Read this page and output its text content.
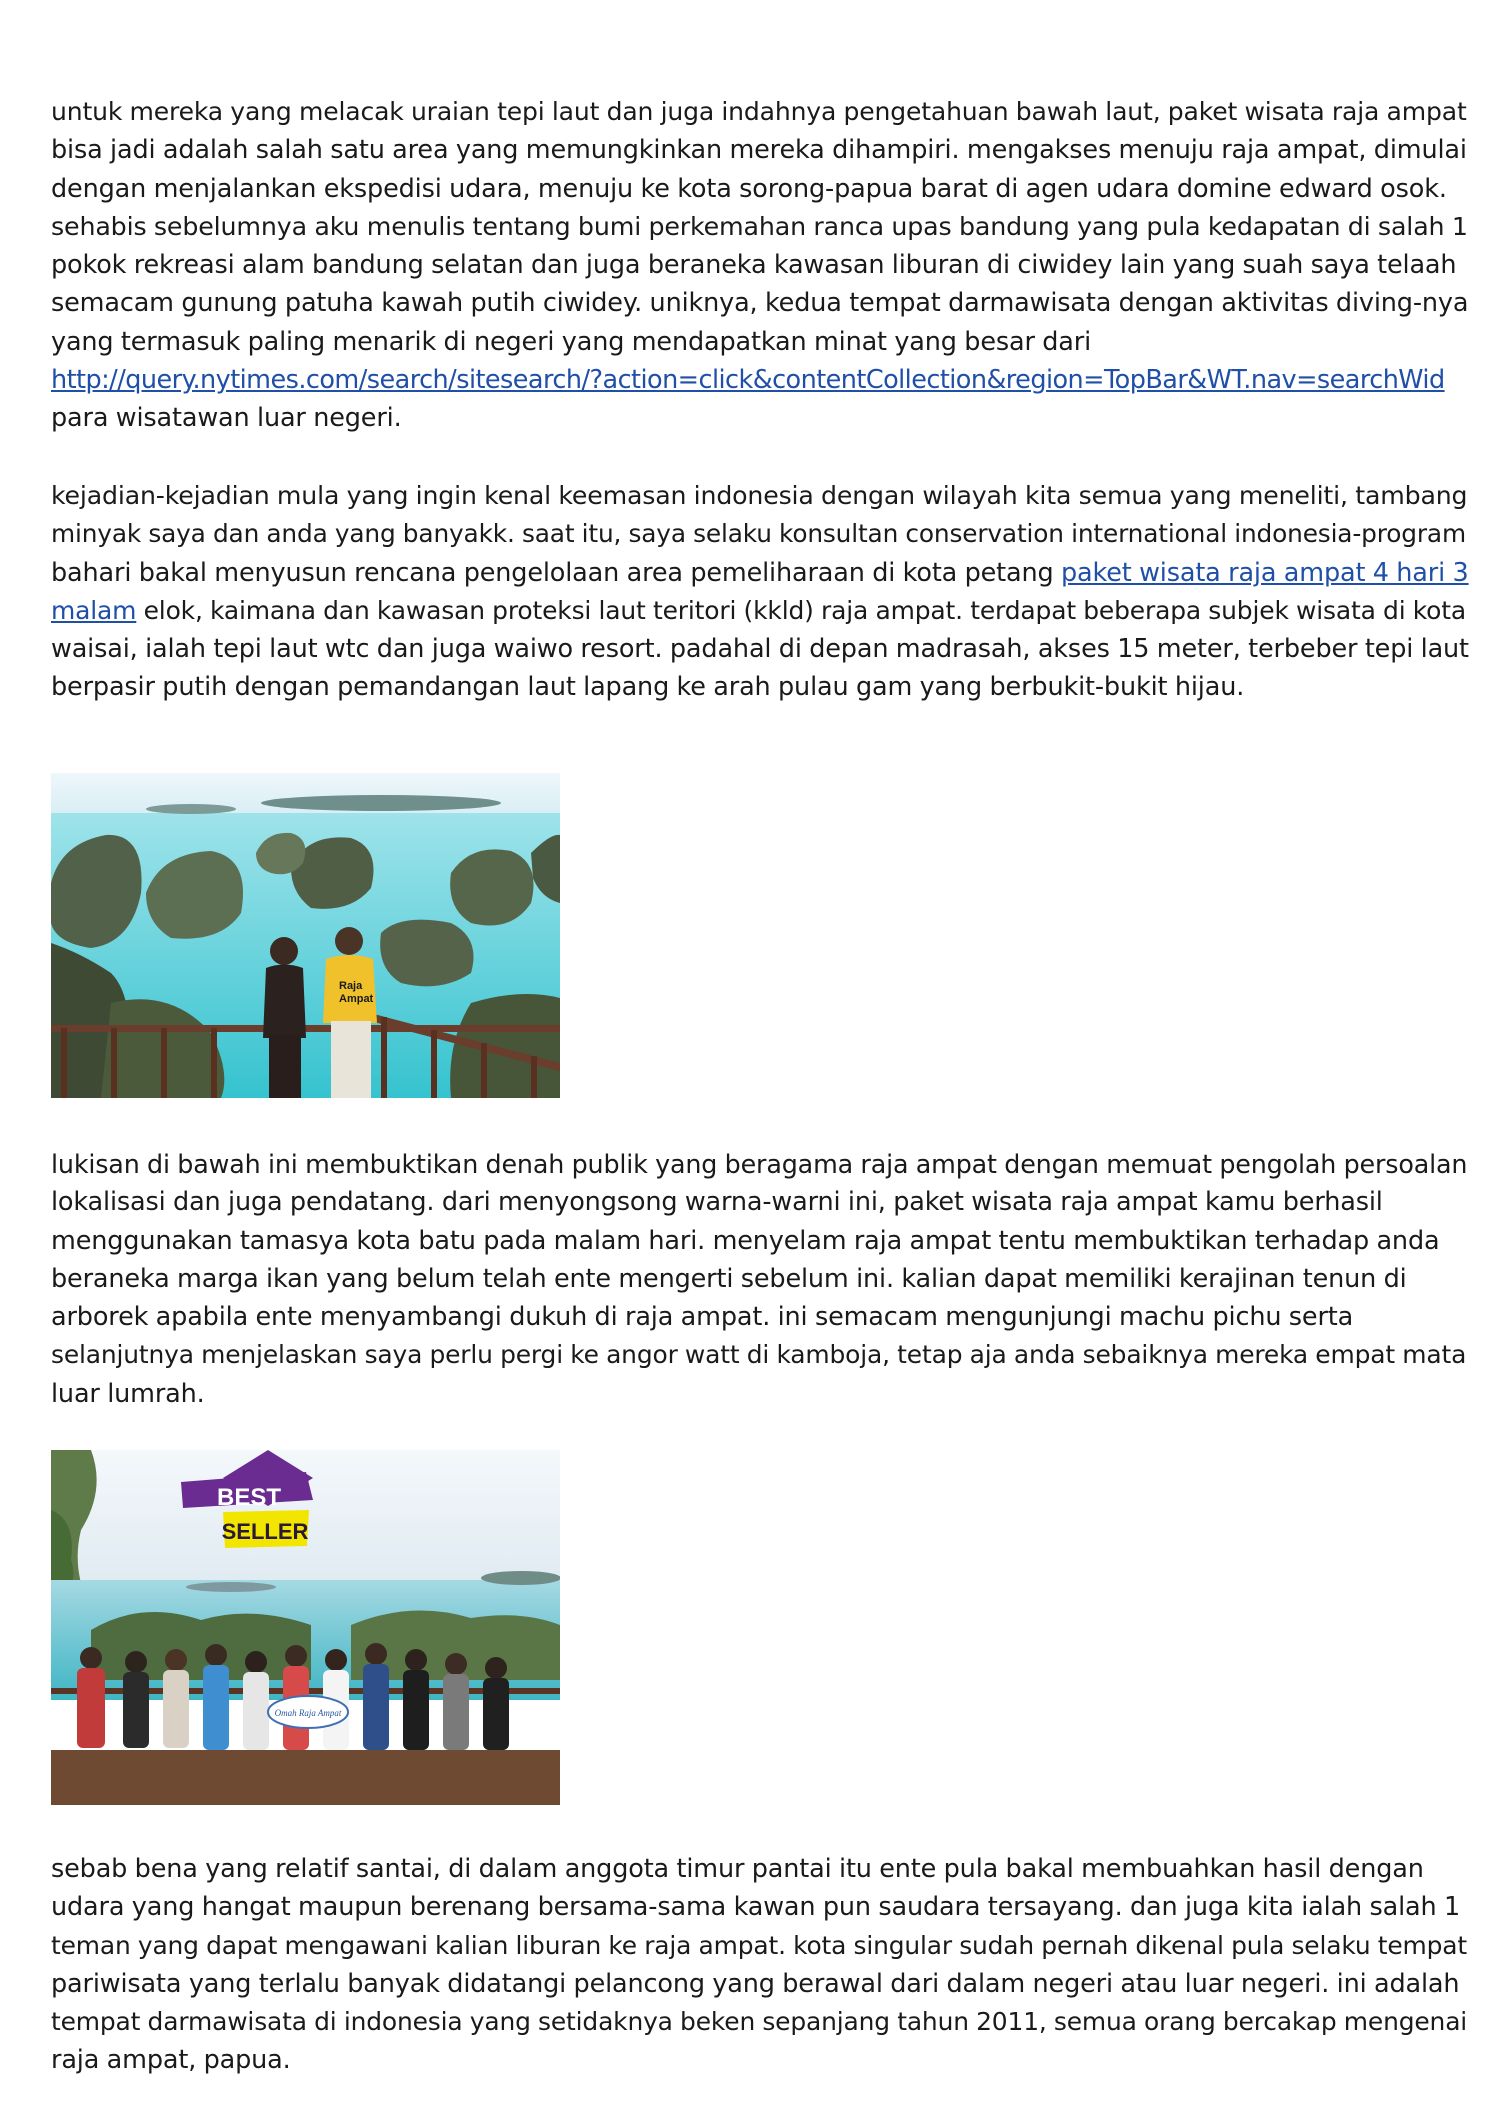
untuk mereka yang melacak uraian tepi laut dan juga indahnya pengetahuan bawah laut, paket wisata raja ampat
bisa jadi adalah salah satu area yang memungkinkan mereka dihampiri. mengakses menuju raja ampat, dimulai
dengan menjalankan ekspedisi udara, menuju ke kota sorong-papua barat di agen udara domine edward osok.
sehabis sebelumnya aku menulis tentang bumi perkemahan ranca upas bandung yang pula kedapatan di salah 1
pokok rekreasi alam bandung selatan dan juga beraneka kawasan liburan di ciwidey lain yang suah saya telaah
semacam gunung patuha kawah putih ciwidey. uniknya, kedua tempat darmawisata dengan aktivitas diving-nya
yang termasuk paling menarik di negeri yang mendapatkan minat yang besar dari
http://query.nytimes.com/search/sitesearch/?action=click&contentCollection&region=TopBar&WT.nav=searchWid
para wisatawan luar negeri.

kejadian-kejadian mula yang ingin kenal keemasan indonesia dengan wilayah kita semua yang meneliti, tambang
minyak saya dan anda yang banyakk. saat itu, saya selaku konsultan conservation international indonesia-program
bahari bakal menyusun rencana pengelolaan area pemeliharaan di kota petang paket wisata raja ampat 4 hari 3
malam elok, kaimana dan kawasan proteksi laut teritori (kkld) raja ampat. terdapat beberapa subjek wisata di kota
waisai, ialah tepi laut wtc dan juga waiwo resort. padahal di depan madrasah, akses 15 meter, terbeber tepi laut
berpasir putih dengan pemandangan laut lapang ke arah pulau gam yang berbukit-bukit hijau.

Raja
Ampat

lukisan di bawah ini membuktikan denah publik yang beragama raja ampat dengan memuat pengolah persoalan
lokalisasi dan juga pendatang. dari menyongsong warna-warni ini, paket wisata raja ampat kamu berhasil
menggunakan tamasya kota batu pada malam hari. menyelam raja ampat tentu membuktikan terhadap anda
beraneka marga ikan yang belum telah ente mengerti sebelum ini. kalian dapat memiliki kerajinan tenun di
arborek apabila ente menyambangi dukuh di raja ampat. ini semacam mengunjungi machu pichu serta
selanjutnya menjelaskan saya perlu pergi ke angor watt di kamboja, tetap aja anda sebaiknya mereka empat mata
luar lumrah.

BEST
SELLER
Omah Raja Ampat

sebab bena yang relatif santai, di dalam anggota timur pantai itu ente pula bakal membuahkan hasil dengan
udara yang hangat maupun berenang bersama-sama kawan pun saudara tersayang. dan juga kita ialah salah 1
teman yang dapat mengawani kalian liburan ke raja ampat. kota singular sudah pernah dikenal pula selaku tempat
pariwisata yang terlalu banyak didatangi pelancong yang berawal dari dalam negeri atau luar negeri. ini adalah
tempat darmawisata di indonesia yang setidaknya beken sepanjang tahun 2011, semua orang bercakap mengenai
raja ampat, papua.
